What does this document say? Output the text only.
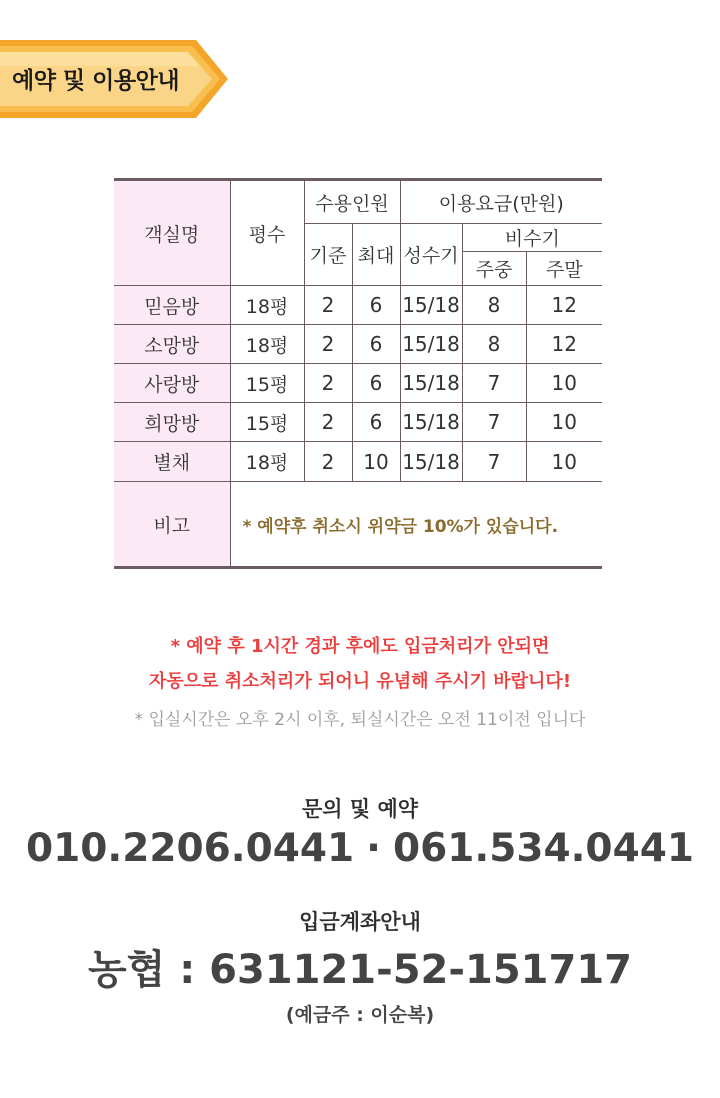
예약 및 이용안내
객실명	평수	수용인원		이용요금(만원)		
		기준	최대	성수기	비수기	
					주중	주말
믿음방	18평	2	6	15/18	8	12
소망방	18평	2	6	15/18	8	12
사랑방	15평	2	6	15/18	7	10
희망방	15평	2	6	15/18	7	10
별채	18평	2	10	15/18	7	10
비고	* 예약후 취소시 위약금 10%가 있습니다.					
* 예약 후 1시간 경과 후에도 입금처리가 안되면
자동으로 취소처리가 되어니 유념해 주시기 바랍니다!
* 입실시간은 오후 2시 이후, 퇴실시간은 오전 11이전 입니다
문의 및 예약
010.2206.0441 · 061.534.0441
입금계좌안내
농협 : 631121-52-151717
(예금주 : 이순복)
